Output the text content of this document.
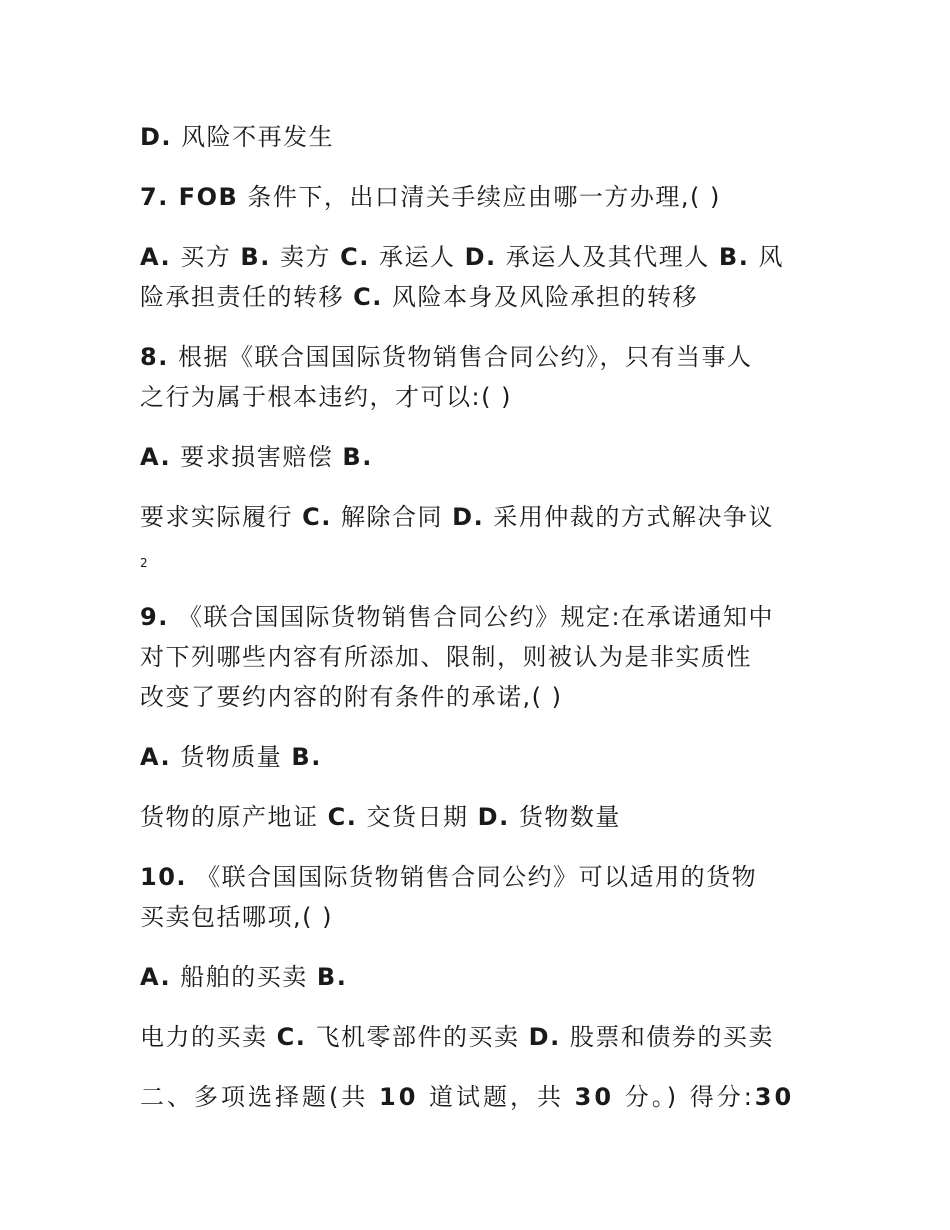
D. 风险不再发生
7. FOB 条件下，出口清关手续应由哪一方办理,( )
A. 买方 B. 卖方 C. 承运人 D. 承运人及其代理人 B. 风
险承担责任的转移 C. 风险本身及风险承担的转移
8. 根据《联合国国际货物销售合同公约》，只有当事人
之行为属于根本违约，才可以:( )
A. 要求损害赔偿 B.
要求实际履行 C. 解除合同 D. 采用仲裁的方式解决争议
2
9. 《联合国国际货物销售合同公约》规定:在承诺通知中
对下列哪些内容有所添加、限制，则被认为是非实质性
改变了要约内容的附有条件的承诺,( )
A. 货物质量 B.
货物的原产地证 C. 交货日期 D. 货物数量
10. 《联合国国际货物销售合同公约》可以适用的货物
买卖包括哪项,( )
A. 船舶的买卖 B.
电力的买卖 C. 飞机零部件的买卖 D. 股票和债券的买卖
二、多项选择题(共 10 道试题，共 30 分。) 得分:30
